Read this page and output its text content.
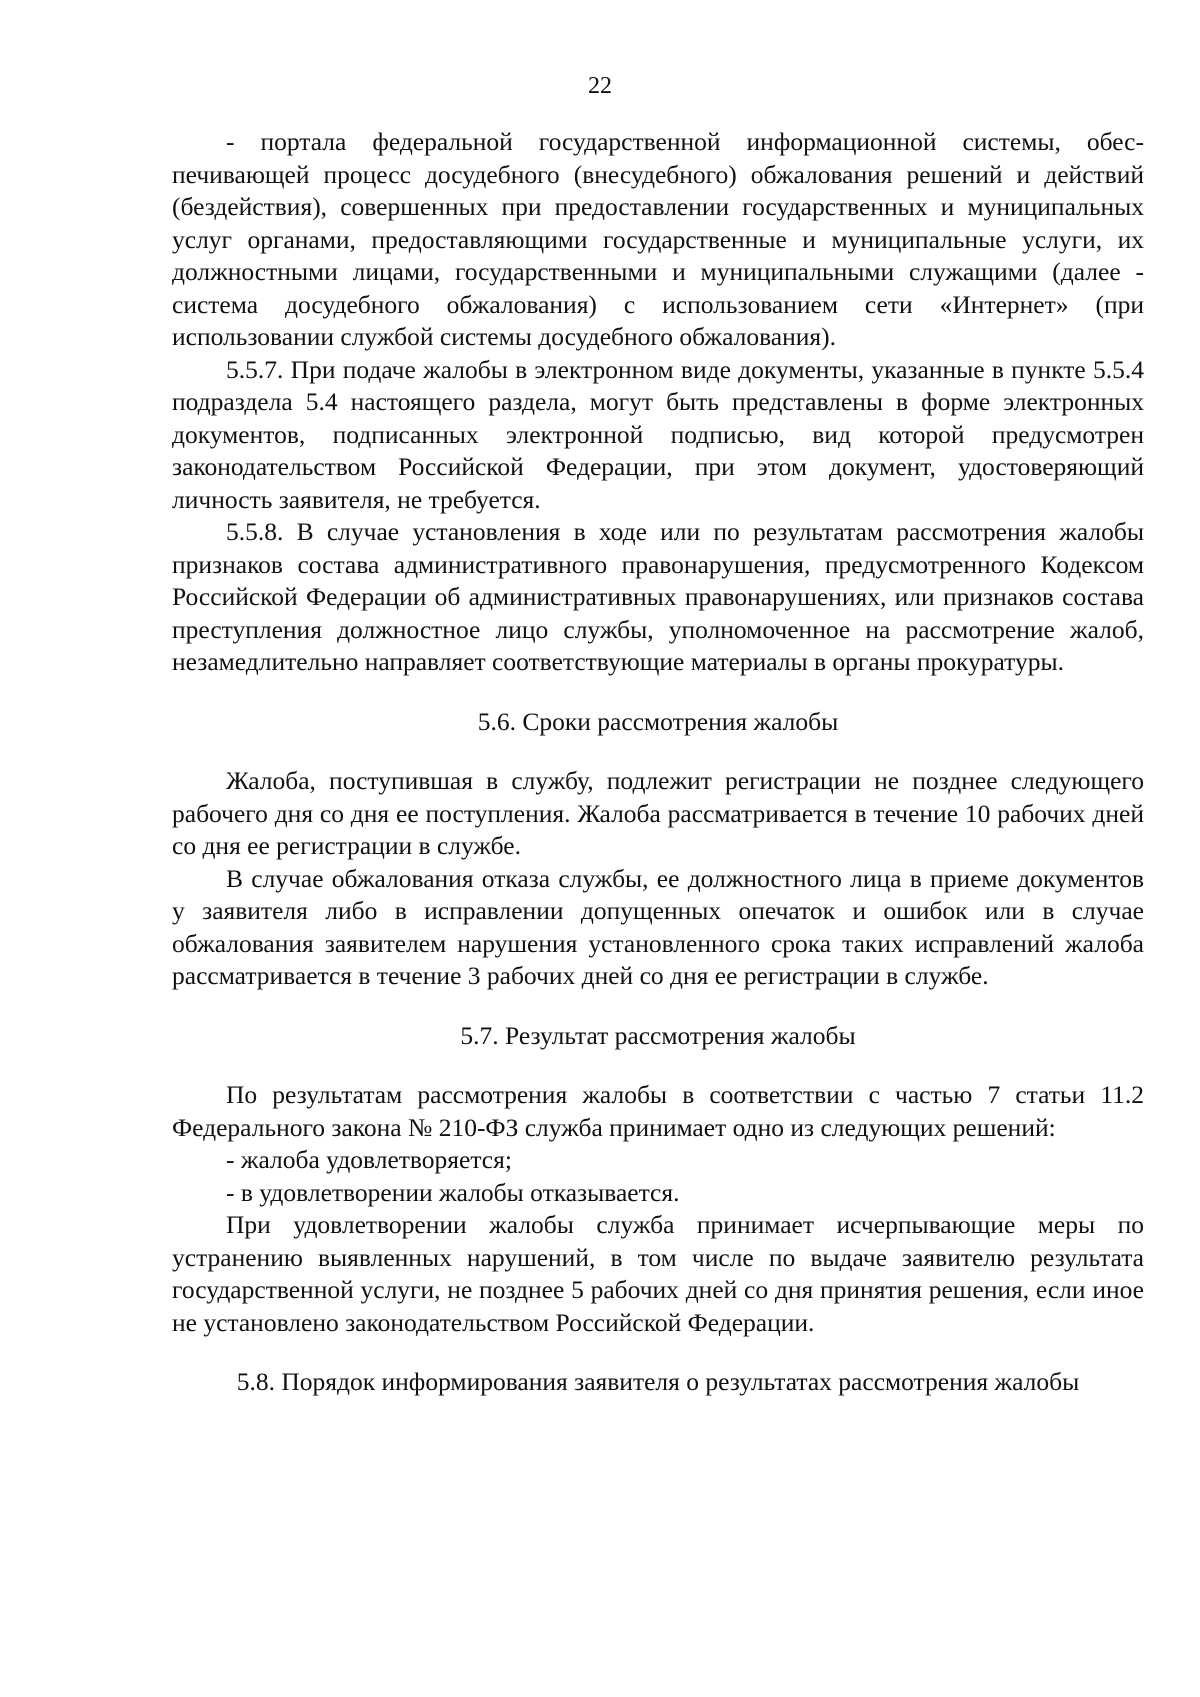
22

- портала федеральной государственной информационной системы, обеспечивающей процесс досудебного (внесудебного) обжалования решений и действий (бездействия), совершенных при предоставлении государственных и муниципальных услуг органами, предоставляющими государственные и муниципальные услуги, их должностными лицами, государственными и муниципальными служащими (далее - система досудебного обжалования) с использованием сети «Интернет» (при использовании службой системы досудебного обжалования).

5.5.7. При подаче жалобы в электронном виде документы, указанные в пункте 5.5.4 подраздела 5.4 настоящего раздела, могут быть представлены в форме электронных документов, подписанных электронной подписью, вид которой предусмотрен законодательством Российской Федерации, при этом документ, удостоверяющий личность заявителя, не требуется.

5.5.8. В случае установления в ходе или по результатам рассмотрения жалобы признаков состава административного правонарушения, предусмотренного Кодексом Российской Федерации об административных правонарушениях, или признаков состава преступления должностное лицо службы, уполномоченное на рассмотрение жалоб, незамедлительно направляет соответствующие материалы в органы прокуратуры.

5.6. Сроки рассмотрения жалобы

Жалоба, поступившая в службу, подлежит регистрации не позднее следующего рабочего дня со дня ее поступления. Жалоба рассматривается в течение 10 рабочих дней со дня ее регистрации в службе.

В случае обжалования отказа службы, ее должностного лица в приеме документов у заявителя либо в исправлении допущенных опечаток и ошибок или в случае обжалования заявителем нарушения установленного срока таких исправлений жалоба рассматривается в течение 3 рабочих дней со дня ее регистрации в службе.

5.7. Результат рассмотрения жалобы

По результатам рассмотрения жалобы в соответствии с частью 7 статьи 11.2 Федерального закона № 210-ФЗ служба принимает одно из следующих решений:

- жалоба удовлетворяется;

- в удовлетворении жалобы отказывается.

При удовлетворении жалобы служба принимает исчерпывающие меры по устранению выявленных нарушений, в том числе по выдаче заявителю результата государственной услуги, не позднее 5 рабочих дней со дня принятия решения, если иное не установлено законодательством Российской Федерации.

5.8. Порядок информирования заявителя о результатах рассмотрения жалобы
